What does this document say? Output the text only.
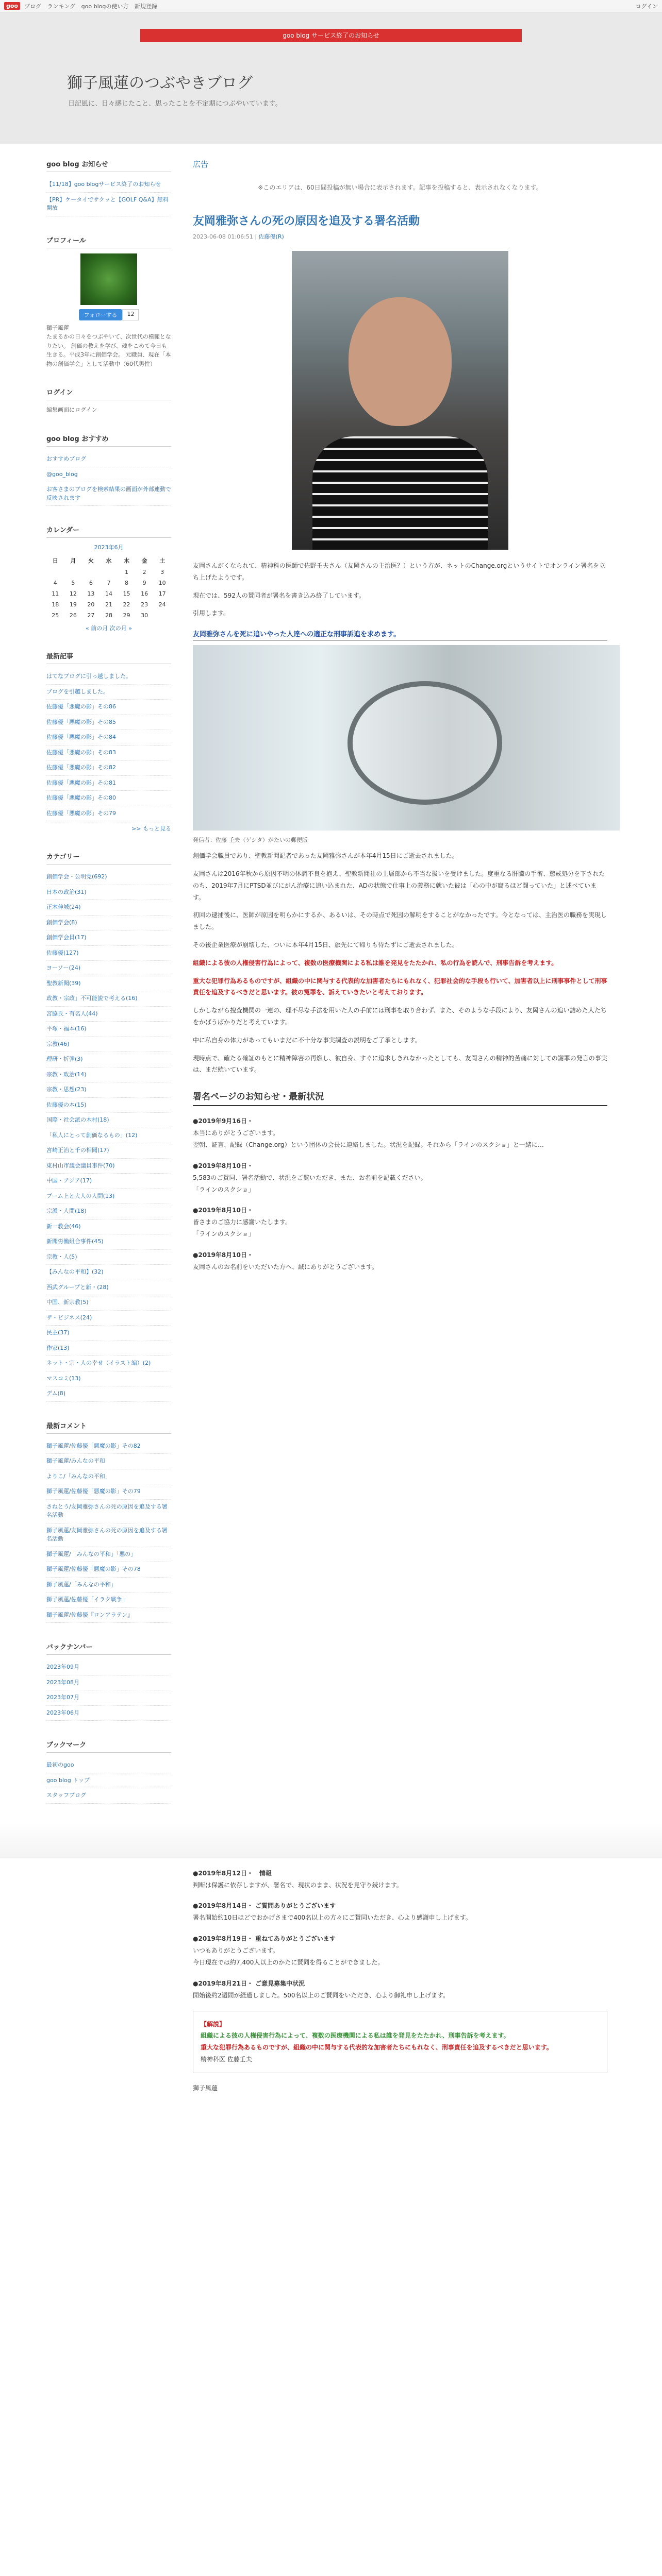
goo	ブログ ランキング goo blogの使い方 新規登録	ログイン
goo blog サービス終了のお知らせ
獅子風蓮のつぶやきブログ
日記風に、日々感じたこと、思ったことを不定期につぶやいています。
goo blog お知らせ
【11/18】goo blogサービス終了のお知らせ
【PR】ケータイでサクッと【GOLF Q&A】無料開放
プロフィール
フォローする	12
獅子風蓮
たまるかの日々をつぶやいて、次世代の模範となりたい。 創価の教えを学び、魂をこめて今日も生きる。平成3年に創価学会。 元職員、現在「本物の創価学会」として活動中（60代男性）
ログイン
編集画面にログイン
goo blog おすすめ
おすすめブログ
@goo_blog
お客さまのブログを検索結果の画面が外部連動で反映されます
カレンダー
2023年6月
日	月	火	水	木	金	土
				1	2	3
4	5	6	7	8	9	10
11	12	13	14	15	16	17
18	19	20	21	22	23	24
25	26	27	28	29	30	
« 前の月 次の月 »
最新記事
はてなブログに引っ越しました。
ブログを引越しました。
佐藤優「悪魔の影」その86
佐藤優「悪魔の影」その85
佐藤優「悪魔の影」その84
佐藤優「悪魔の影」その83
佐藤優「悪魔の影」その82
佐藤優「悪魔の影」その81
佐藤優「悪魔の影」その80
佐藤優「悪魔の影」その79
>> もっと見る
カテゴリー
創価学会・公明党(692)
日本の政治(31)
正木伸城(24)
創価学会(8)
創価学会員(17)
佐藤優(127)
ヨーソー(24)
聖教新聞(39)
政教・宗政」不可能説で考える(16)
宮脇氏・有名人(44)
平塚・福本(16)
宗教(46)
理研・折弾(3)
宗教・政治(14)
宗教・思想(23)
佐藤優の本(15)
国際・社会派の木村(18)
「私人にとって創価なるもの」(12)
宮崎正治と千の相聞(17)
東村山市議会議員事件(70)
中国・アジア(17)
ブーム上と大人の人問(13)
宗派・人間(18)
新一教会(46)
新聞労働組合事件(45)
宗教・人(5)
【みんなの平和】(32)
西武グループと新・(28)
中国、新宗教(5)
ザ・ビジネス(24)
民主(37)
作家(13)
ネット・宗・人の幸せ（イラスト編）(2)
マスコミ(13)
デム(8)
最新コメント
獅子風蓮/佐藤優「悪魔の影」その82
獅子風蓮/みんなの平和
よりこ/「みんなの平和」
獅子風蓮/佐藤優「悪魔の影」その79
さねとう/友岡雅弥さんの死の原因を追及する署名活動
獅子風蓮/友岡雅弥さんの死の原因を追及する署名活動
獅子風蓮/「みんなの平和」「悪の」
獅子風蓮/佐藤優「悪魔の影」その78
獅子風蓮/「みんなの平和」
獅子風蓮/佐藤優「イラク戦争」
獅子風蓮/佐藤優『ロンアラテン』
バックナンバー
2023年09月
2023年08月
2023年07月
2023年06月
ブックマーク
最初のgoo
goo blog トップ
スタッフブログ
広告
※このエリアは、60日間投稿が無い場合に表示されます。記事を投稿すると、表示されなくなります。
友岡雅弥さんの死の原因を追及する署名活動
2023-06-08 01:06:51 | 佐藤優(R)
友岡さんがくなられて、精神科の医師で佐野壬夫さん（友岡さんの主治医？）という方が、ネットのChange.orgというサイトでオンライン署名を立ち上げたようです。
現在では、592人の賛同者が署名を書き込み終了しています。
引用します。
友岡雅弥さんを死に追いやった人達への適正な刑事訴追を求めます。
発信者：佐藤 壬夫（ゲシタ）がたいの郵便版
創価学会職員であり、聖教新聞記者であった友岡雅弥さんが本年4月15日にご逝去されました。
友岡さんは2016年秋から原因不明の体調不良を抱え、聖教新聞社の上層部から不当な扱いを受けました。度重なる肝臓の手術、懲戒処分を下されたのち、2019年7月にPTSD並びにがん治療に追い込まれた、ADの状態で仕事上の義務に就いた彼は「心の中が腐るほど闘っていた」と述べています。
初回の逮捕後に、医師が原因を明らかにするか、あるいは、その時点で死因の解明をすることがなかったです。今となっては、主治医の職務を実現しました。
その後企業医療が崩壊した、ついに本年4月15日、旅先にて帰りも待たずにご逝去されました。
組織による彼の人権侵害行為によって、複数の医療機関による私は誰を発見をたたかれ、私の行為を読んで、刑事告訴を考えます。
重大な犯罪行為あるものですが、組織の中に関与する代表的な加害者たちにもれなく、犯罪社会的な手段も行いて、加害者以上に刑事事件として刑事責任を追及するべきだと思います。彼の冤罪を、訴えていきたいと考えております。
しかしながら捜査機関の一連の、理不尽な手法を用いた人の手前には刑事を取り合わず、また、そのような手段により、友岡さんの追い詰めた人たちをかばうばかりだと考えています。
中に私自身の体力があってもいまだに不十分な事実調査の説明をご了承とします。
現時点で、確たる確証のもとに精神障害の再燃し、彼自身、すぐに追求しきれなかったとしても、友岡さんの精神的苦痛に対しての謝罪の発言の事実は、まだ続いています。
署名ページのお知らせ・最新状況
●2019年9月16日・
本当にありがとうございます。
翌朝、証言、記録（Change.org）という団体の会長に連絡しました。状況を記録。それから「ラインのスクショ」と一緒に…
●2019年8月10日・
5,583のご賛同、署名活動で、状況をご覧いただき、また、お名前を記載ください。
「ラインのスクショ」
●2019年8月10日・
皆さまのご協力に感謝いたします。
「ラインのスクショ」
●2019年8月10日・
友岡さんのお名前をいただいた方へ、誠にありがとうございます。
●2019年8月12日・　情報
判断は保護に依存しますが、署名で、現状のまま、状況を見守り続けます。
●2019年8月14日・ ご質問ありがとうございます
署名開始約10日ほどでおかげさまで400名以上の方々にご賛同いただき、心より感謝申し上げます。
●2019年8月19日・ 重ねてありがとうございます
いつもありがとうございます。
今日現在では約7,400人以上のかたに賛同を得ることができました。
●2019年8月21日・ ご意見募集中状況
開始後約2週間が経過しました。500名以上のご賛同をいただき、心より御礼申し上げます。
【解説】
組織による彼の人権侵害行為によって、複数の医療機関による私は誰を発見をたたかれ、刑事告訴を考えます。
重大な犯罪行為あるものですが、組織の中に関与する代表的な加害者たちにもれなく、刑事責任を追及するべきだと思います。
精神科医 佐藤壬夫
獅子風蓮
